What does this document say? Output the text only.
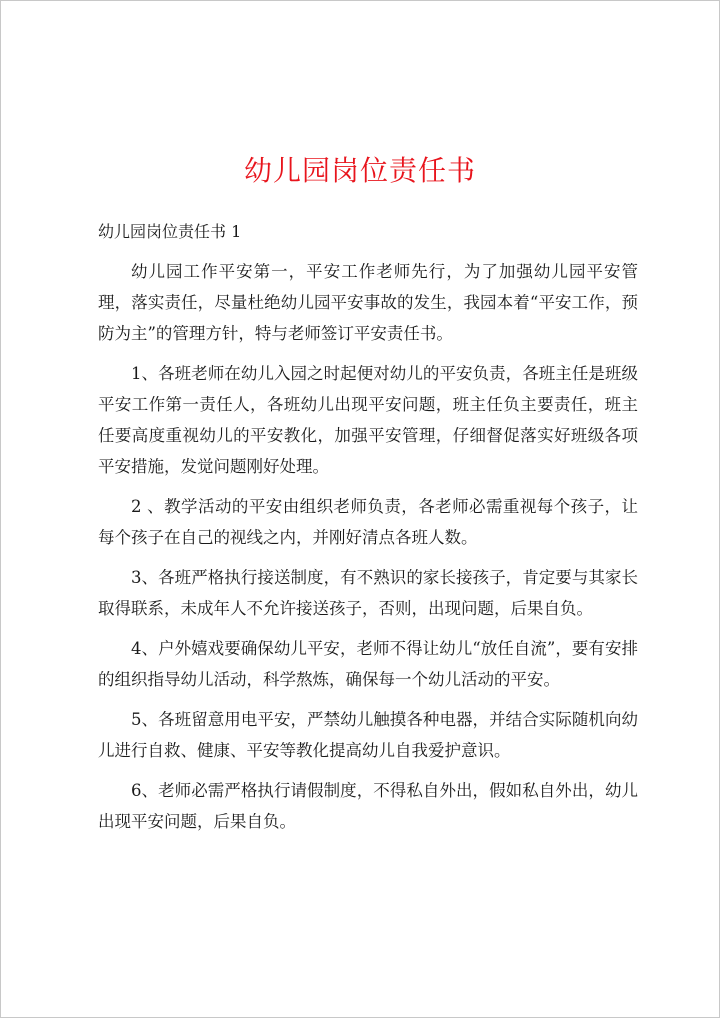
幼儿园岗位责任书
幼儿园岗位责任书 1

幼儿园工作平安第一，平安工作老师先行，为了加强幼儿园平安管理，落实责任，尽量杜绝幼儿园平安事故的发生，我园本着“平安工作，预防为主”的管理方针，特与老师签订平安责任书。

1、各班老师在幼儿入园之时起便对幼儿的平安负责，各班主任是班级平安工作第一责任人，各班幼儿出现平安问题，班主任负主要责任，班主任要高度重视幼儿的平安教化，加强平安管理，仔细督促落实好班级各项平安措施，发觉问题刚好处理。

2 、教学活动的平安由组织老师负责，各老师必需重视每个孩子，让每个孩子在自己的视线之内，并刚好清点各班人数。

3、各班严格执行接送制度，有不熟识的家长接孩子，肯定要与其家长取得联系，未成年人不允许接送孩子，否则，出现问题，后果自负。

4、户外嬉戏要确保幼儿平安，老师不得让幼儿“放任自流”，要有安排的组织指导幼儿活动，科学熬炼，确保每一个幼儿活动的平安。

5、各班留意用电平安，严禁幼儿触摸各种电器，并结合实际随机向幼儿进行自救、健康、平安等教化提高幼儿自我爱护意识。

6、老师必需严格执行请假制度，不得私自外出，假如私自外出，幼儿出现平安问题，后果自负。
